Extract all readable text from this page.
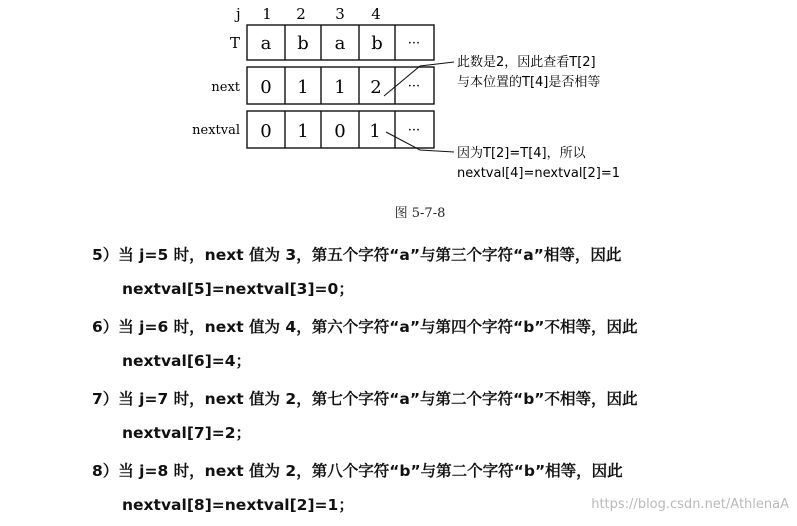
j 1 2 3 4
T a b a b ···
next 0 1 1 2 ···
nextval 0 1 0 1 ···
此数是2，因此查看T[2]
与本位置的T[4]是否相等
因为T[2]=T[4]，所以
nextval[4]=nextval[2]=1
图 5-7-8
5）当 j=5 时，next 值为 3，第五个字符“a”与第三个字符“a”相等，因此
nextval[5]=nextval[3]=0；
6）当 j=6 时，next 值为 4，第六个字符“a”与第四个字符“b”不相等，因此
nextval[6]=4；
7）当 j=7 时，next 值为 2，第七个字符“a”与第二个字符“b”不相等，因此
nextval[7]=2；
8）当 j=8 时，next 值为 2，第八个字符“b”与第二个字符“b”相等，因此
nextval[8]=nextval[2]=1；	https://blog.csdn.net/AthlenaA
